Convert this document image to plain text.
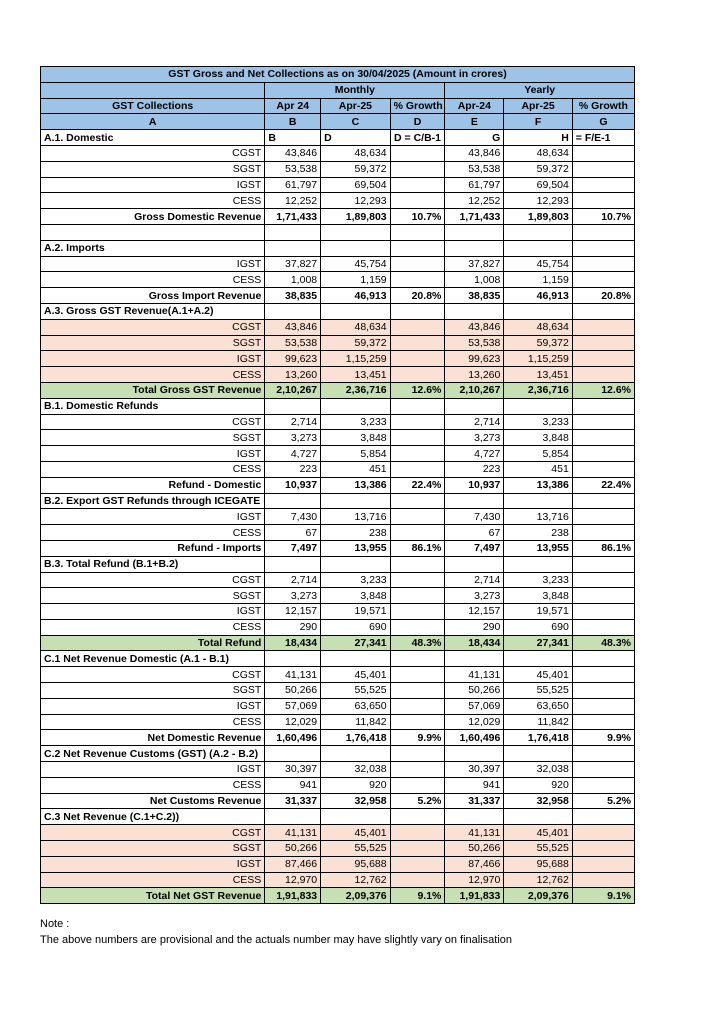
GST Gross and Net Collections as on 30/04/2025 (Amount in crores)						
	Monthly			Yearly		
GST Collections	Apr 24	Apr-25	% Growth	Apr-24	Apr-25	% Growth
A	B	C	D	E	F	G
A.1. Domestic	B	D	D = C/B-1	G	H	= F/E-1
CGST	43,846	48,634		43,846	48,634	
SGST	53,538	59,372		53,538	59,372	
IGST	61,797	69,504		61,797	69,504	
CESS	12,252	12,293		12,252	12,293	
Gross Domestic Revenue	1,71,433	1,89,803	10.7%	1,71,433	1,89,803	10.7%

A.2. Imports						
IGST	37,827	45,754		37,827	45,754	
CESS	1,008	1,159		1,008	1,159	
Gross Import Revenue	38,835	46,913	20.8%	38,835	46,913	20.8%
A.3. Gross GST Revenue(A.1+A.2)						
CGST	43,846	48,634		43,846	48,634	
SGST	53,538	59,372		53,538	59,372	
IGST	99,623	1,15,259		99,623	1,15,259	
CESS	13,260	13,451		13,260	13,451	
Total Gross GST Revenue	2,10,267	2,36,716	12.6%	2,10,267	2,36,716	12.6%
B.1. Domestic Refunds						
CGST	2,714	3,233		2,714	3,233	
SGST	3,273	3,848		3,273	3,848	
IGST	4,727	5,854		4,727	5,854	
CESS	223	451		223	451	
Refund - Domestic	10,937	13,386	22.4%	10,937	13,386	22.4%
B.2. Export GST Refunds through ICEGATE						
IGST	7,430	13,716		7,430	13,716	
CESS	67	238		67	238	
Refund - Imports	7,497	13,955	86.1%	7,497	13,955	86.1%
B.3. Total Refund (B.1+B.2)						
CGST	2,714	3,233		2,714	3,233	
SGST	3,273	3,848		3,273	3,848	
IGST	12,157	19,571		12,157	19,571	
CESS	290	690		290	690	
Total Refund	18,434	27,341	48.3%	18,434	27,341	48.3%
C.1 Net Revenue Domestic (A.1 - B.1)						
CGST	41,131	45,401		41,131	45,401	
SGST	50,266	55,525		50,266	55,525	
IGST	57,069	63,650		57,069	63,650	
CESS	12,029	11,842		12,029	11,842	
Net Domestic Revenue	1,60,496	1,76,418	9.9%	1,60,496	1,76,418	9.9%
C.2 Net Revenue Customs (GST) (A.2 - B.2)						
IGST	30,397	32,038		30,397	32,038	
CESS	941	920		941	920	
Net Customs Revenue	31,337	32,958	5.2%	31,337	32,958	5.2%
C.3 Net Revenue (C.1+C.2))						
CGST	41,131	45,401		41,131	45,401	
SGST	50,266	55,525		50,266	55,525	
IGST	87,466	95,688		87,466	95,688	
CESS	12,970	12,762		12,970	12,762	
Total Net GST Revenue	1,91,833	2,09,376	9.1%	1,91,833	2,09,376	9.1%
Note :
The above numbers are provisional and the actuals number may have slightly vary on finalisation
